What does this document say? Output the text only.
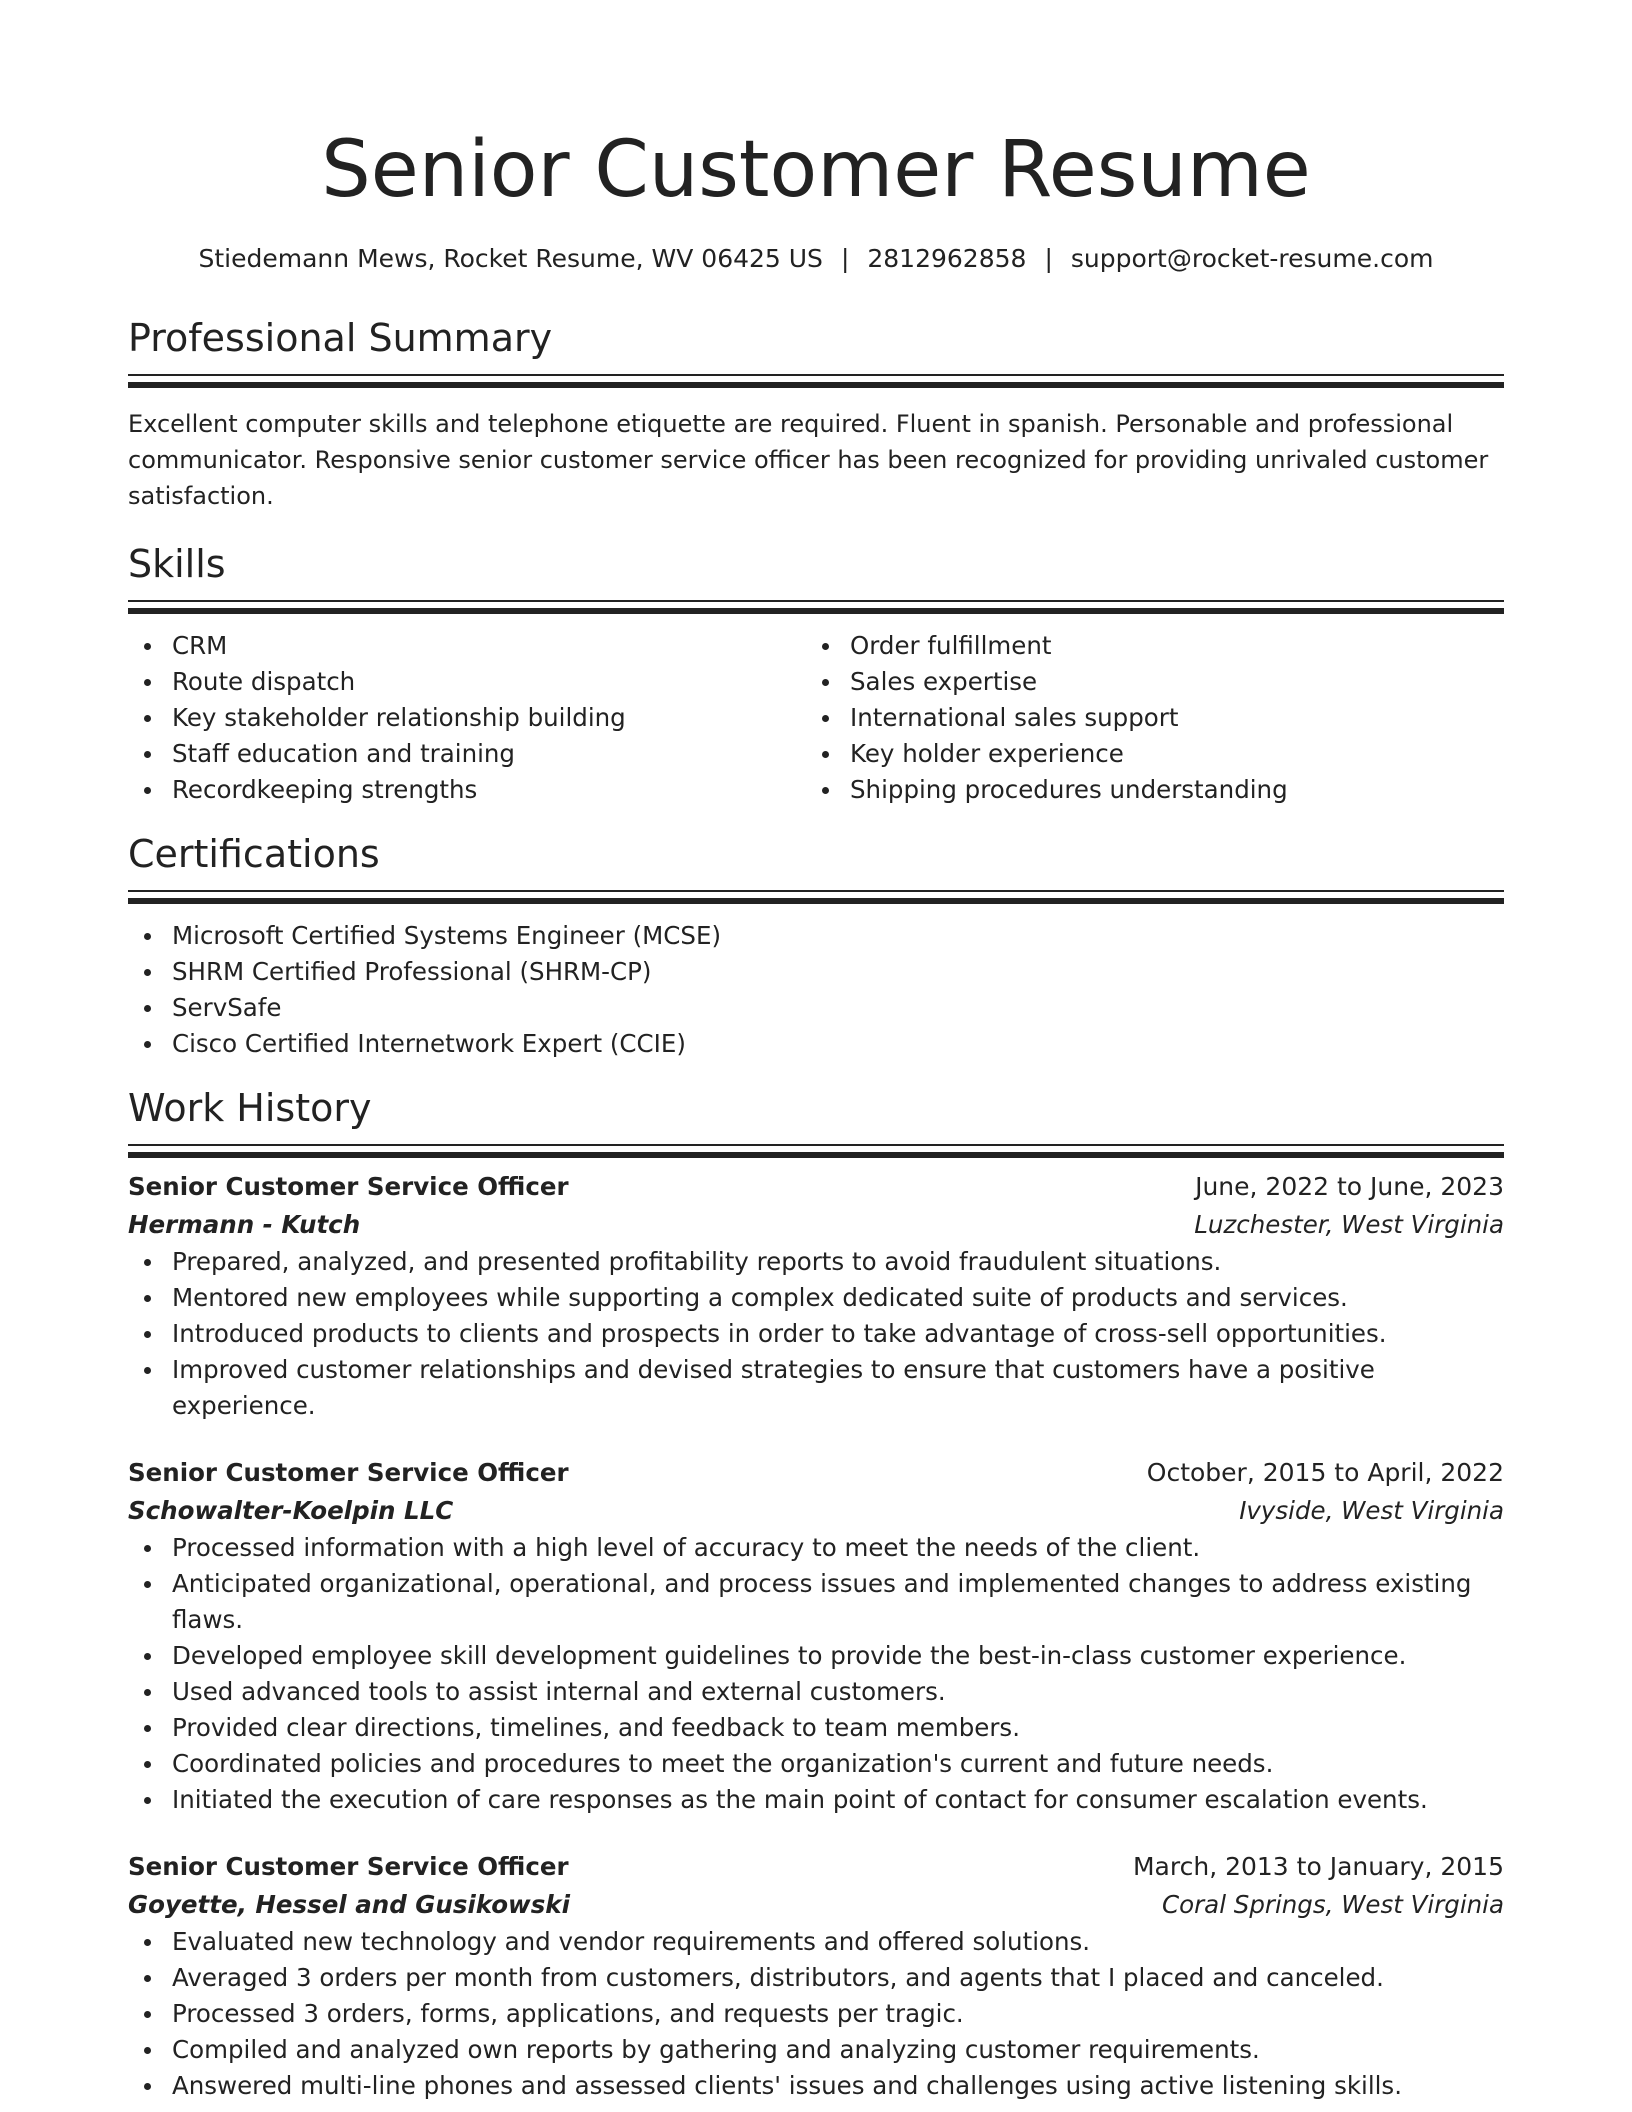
Senior Customer Resume
Stiedemann Mews, Rocket Resume, WV 06425 US | 2812962858 | support@rocket-resume.com
Professional Summary
Excellent computer skills and telephone etiquette are required. Fluent in spanish. Personable and professional communicator. Responsive senior customer service officer has been recognized for providing unrivaled customer satisfaction.
Skills
CRM
Route dispatch
Key stakeholder relationship building
Staff education and training
Recordkeeping strengths
Order fulfillment
Sales expertise
International sales support
Key holder experience
Shipping procedures understanding
Certifications
Microsoft Certified Systems Engineer (MCSE)
SHRM Certified Professional (SHRM-CP)
ServSafe
Cisco Certified Internetwork Expert (CCIE)
Work History
Senior Customer Service Officer	June, 2022 to June, 2023
Hermann - Kutch	Luzchester, West Virginia
Prepared, analyzed, and presented profitability reports to avoid fraudulent situations.
Mentored new employees while supporting a complex dedicated suite of products and services.
Introduced products to clients and prospects in order to take advantage of cross-sell opportunities.
Improved customer relationships and devised strategies to ensure that customers have a positive experience.
Senior Customer Service Officer	October, 2015 to April, 2022
Schowalter-Koelpin LLC	Ivyside, West Virginia
Processed information with a high level of accuracy to meet the needs of the client.
Anticipated organizational, operational, and process issues and implemented changes to address existing flaws.
Developed employee skill development guidelines to provide the best-in-class customer experience.
Used advanced tools to assist internal and external customers.
Provided clear directions, timelines, and feedback to team members.
Coordinated policies and procedures to meet the organization's current and future needs.
Initiated the execution of care responses as the main point of contact for consumer escalation events.
Senior Customer Service Officer	March, 2013 to January, 2015
Goyette, Hessel and Gusikowski	Coral Springs, West Virginia
Evaluated new technology and vendor requirements and offered solutions.
Averaged 3 orders per month from customers, distributors, and agents that I placed and canceled.
Processed 3 orders, forms, applications, and requests per tragic.
Compiled and analyzed own reports by gathering and analyzing customer requirements.
Answered multi-line phones and assessed clients' issues and challenges using active listening skills.
